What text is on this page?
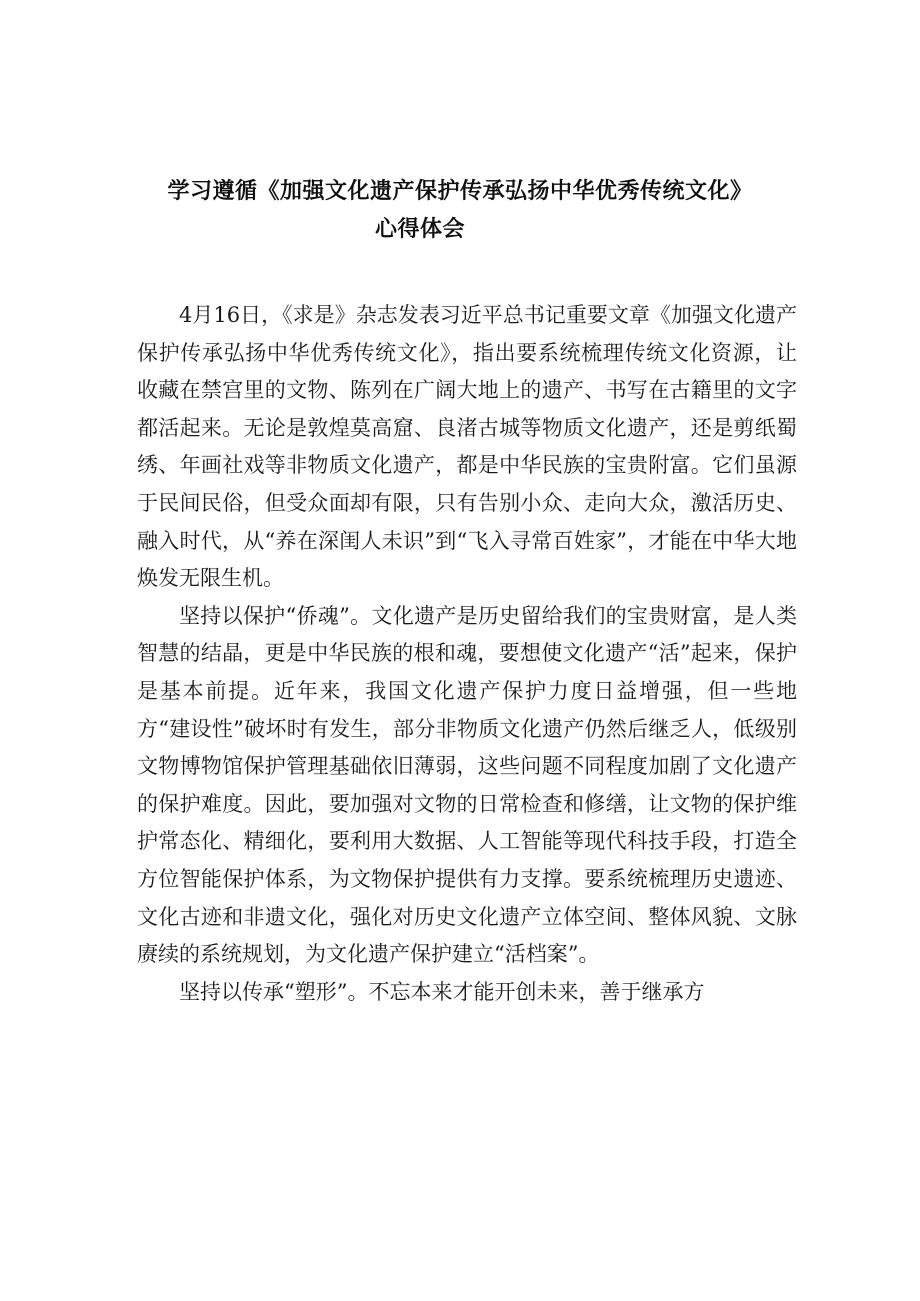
学习遵循《加强文化遗产保护传承弘扬中华优秀传统文化》
心得体会

4月16日，《求是》杂志发表习近平总书记重要文章《加强文化遗产保护传承弘扬中华优秀传统文化》，指出要系统梳理传统文化资源，让收藏在禁宫里的文物、陈列在广阔大地上的遗产、书写在古籍里的文字都活起来。无论是敦煌莫高窟、良渚古城等物质文化遗产，还是剪纸蜀绣、年画社戏等非物质文化遗产，都是中华民族的宝贵附富。它们虽源于民间民俗，但受众面却有限，只有告别小众、走向大众，激活历史、融入时代，从“养在深闺人未识”到“飞入寻常百姓家”，才能在中华大地焕发无限生机。

坚持以保护“侨魂”。文化遗产是历史留给我们的宝贵财富，是人类智慧的结晶，更是中华民族的根和魂，要想使文化遗产“活”起来，保护是基本前提。近年来，我国文化遗产保护力度日益增强，但一些地方“建设性”破坏时有发生，部分非物质文化遗产仍然后继乏人，低级别文物博物馆保护管理基础依旧薄弱，这些问题不同程度加剧了文化遗产的保护难度。因此，要加强对文物的日常检查和修缮，让文物的保护维护常态化、精细化，要利用大数据、人工智能等现代科技手段，打造全方位智能保护体系，为文物保护提供有力支撑。要系统梳理历史遗迹、文化古迹和非遗文化，强化对历史文化遗产立体空间、整体风貌、文脉赓续的系统规划，为文化遗产保护建立“活档案”。

坚持以传承“塑形”。不忘本来才能开创未来，善于继承方
